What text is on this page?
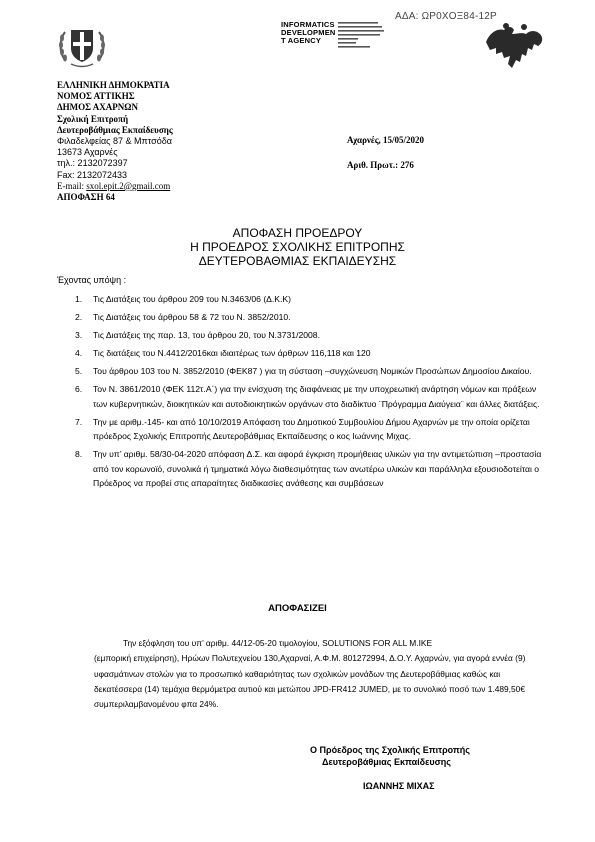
ΑΔΑ: ΩΡ0ΧΟΞ84-12Ρ
INFORMATICS
DEVELOPMEN
T AGENCY
ΕΛΛΗΝΙΚΗ ΔΗΜΟΚΡΑΤΙΑ
ΝΟΜΟΣ ΑΤΤΙΚΗΣ
ΔΗΜΟΣ ΑΧΑΡΝΩΝ
Σχολική Επιτροπή
Δευτεροβάθμιας Εκπαίδευσης
Φιλαδελφείας 87 & Μπτσόδα
13673 Αχαρνές
τηλ.: 2132072397
Fax: 2132072433
E-mail: sxol.epit.2@gmail.com
ΑΠΟΦΑΣΗ 64
Αχαρνές, 15/05/2020
Αριθ. Πρωτ.: 276
ΑΠΟΦΑΣΗ ΠΡΟΕΔΡΟΥ
Η ΠΡΟΕΔΡΟΣ ΣΧΟΛΙΚΗΣ ΕΠΙΤΡΟΠΗΣ
ΔΕΥΤΕΡΟΒΑΘΜΙΑΣ ΕΚΠΑΙΔΕΥΣΗΣ
Έχοντας υπόψη :
1. Τις Διατάξεις του άρθρου 209 του Ν.3463/06 (Δ.Κ.Κ)
2. Τις Διατάξεις του άρθρου 58 & 72 του Ν. 3852/2010.
3. Τις Διατάξεις της παρ. 13, του άρθρου 20, του Ν.3731/2008.
4. Τις διατάξεις του Ν.4412/2016και ιδιαιτέρως των άρθρων 116,118 και 120
5. Του άρθρου 103 του Ν. 3852/2010 (ΦΕΚ87 ) για τη σύσταση –συγχώνευση Νομικών Προσώπων Δημοσίου Δικαίου.
6. Τον Ν. 3861/2010 (ΦΕΚ 112τ.Α΄) για την ενίσχυση της διαφάνειας με την υποχρεωτική ανάρτηση νόμων και πράξεων των κυβερνητικών, διοικητικών και αυτοδιοικητικών οργάνων στο διαδίκτυο ¨Πρόγραμμα Διαύγεια¨ και άλλες διατάξεις.
7. Την με αριθμ.-145- και από 10/10/2019 Απόφαση του Δημοτικού Συμβουλίου Δήμου Αχαρνών με την οποία ορίζεται πρόεδρος Σχολικής Επιτροπής Δευτεροβάθμιας Εκπαίδευσης ο κος Ιωάννης Μιχας.
8. Την υπ’ αριθμ. 58/30-04-2020 απόφαση Δ.Σ. και αφορά έγκριση προμήθειας υλικών για την αντιμετώπιση –προστασία από τον κορωνοϊό, συνολικά ή τμηματικά λόγω διαθεσιμότητας των ανωτέρω υλικών και παράλληλα εξουσιοδοτείται ο Πρόεδρος να προβεί στις απαραίτητες διαδικασίες ανάθεσης και συμβάσεων
ΑΠΟΦΑΣΙΖΕΙ

Την εξόφληση του υπ’ αριθμ. 44/12-05-20 τιμολογίου, SOLUTIONS FOR ALL M.IKE

(εμπορική επιχείρηση), Ηρώων Πολυτεχνείου 130,Αχαρναί, Α.Φ.Μ. 801272994, Δ.Ο.Υ. Αχαρνών, για αγορά εννέα (9) υφασμάτινων στολών για το προσωπικό καθαριότητας των σχολικών μονάδων της Δευτεροβάθμιας καθώς και δεκατέσσερα (14) τεμάχια θερμόμετρα αυτιού και μετώπου JPD-FR412 JUMED, με το συνολικό ποσό των 1.489,50€ συμπεριλαμβανομένου φπα 24%.

Ο Πρόεδρος της Σχολικής Επιτροπής
Δευτεροβάθμιας Εκπαίδευσης
ΙΩΑΝΝΗΣ ΜΙΧΑΣ
